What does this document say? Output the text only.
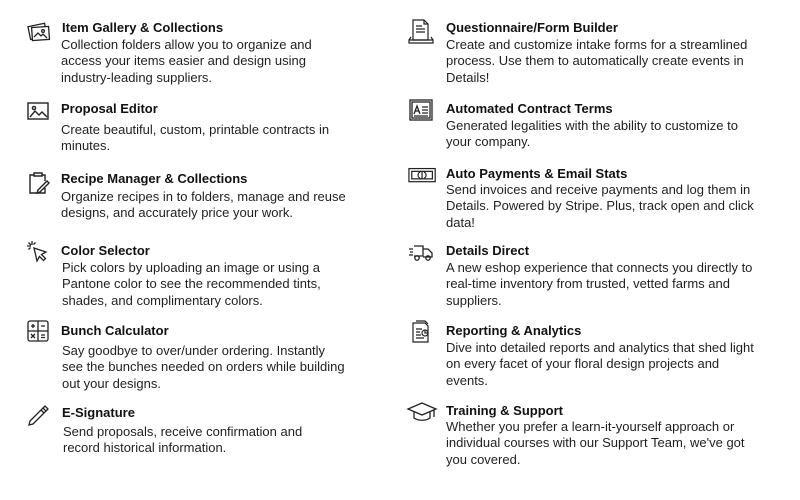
Item Gallery & Collections
Collection folders allow you to organize and access your items easier and design using industry-leading suppliers.
Proposal Editor
Create beautiful, custom, printable contracts in minutes.
Recipe Manager & Collections
Organize recipes in to folders, manage and reuse designs, and accurately price your work.
Color Selector
Pick colors by uploading an image or using a Pantone color to see the recommended tints, shades, and complimentary colors.
Bunch Calculator
Say goodbye to over/under ordering. Instantly see the bunches needed on orders while building out your designs.
E-Signature
Send proposals, receive confirmation and record historical information.
Questionnaire/Form Builder
Create and customize intake forms for a streamlined process. Use them to automatically create events in Details!
Automated Contract Terms
Generated legalities with the ability to customize to your company.
Auto Payments & Email Stats
Send invoices and receive payments and log them in Details. Powered by Stripe. Plus, track open and click data!
Details Direct
A new eshop experience that connects you directly to real-time inventory from trusted, vetted farms and suppliers.
Reporting & Analytics
Dive into detailed reports and analytics that shed light on every facet of your floral design projects and events.
Training & Support
Whether you prefer a learn-it-yourself approach or individual courses with our Support Team, we've got you covered.
